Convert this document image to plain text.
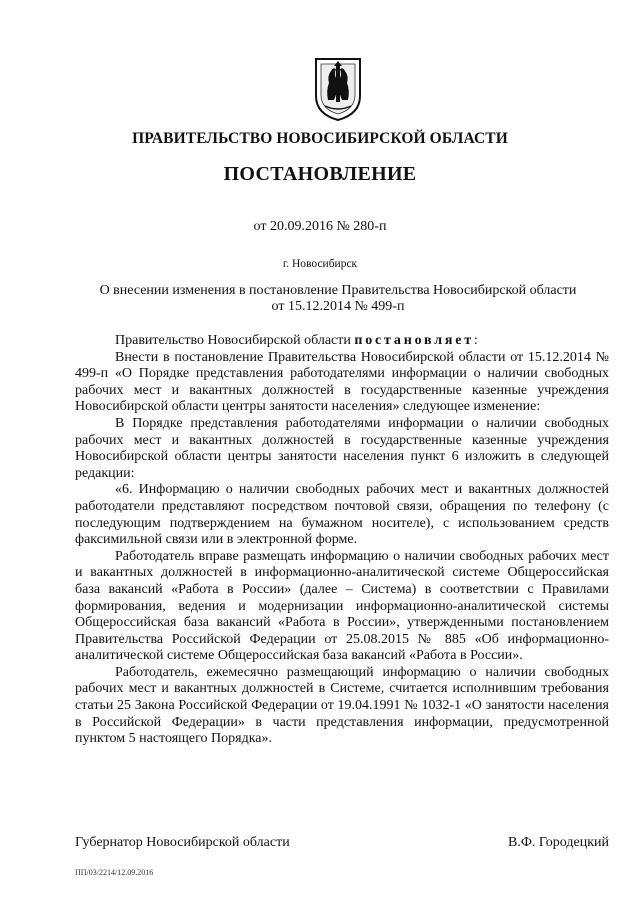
ПРАВИТЕЛЬСТВО НОВОСИБИРСКОЙ ОБЛАСТИ
ПОСТАНОВЛЕНИЕ
от 20.09.2016 № 280-п
г. Новосибирск
О внесении изменения в постановление Правительства Новосибирской области
от 15.12.2014 № 499-п

Правительство Новосибирской области постановляет:

Внести в постановление Правительства Новосибирской области от 15.12.2014 № 499-п «О Порядке представления работодателями информации о наличии свободных рабочих мест и вакантных должностей в государственные казенные учреждения Новосибирской области центры занятости населения» следующее изменение:

В Порядке представления работодателями информации о наличии свободных рабочих мест и вакантных должностей в государственные казенные учреждения Новосибирской области центры занятости населения пункт 6 изложить в следующей редакции:

«6. Информацию о наличии свободных рабочих мест и вакантных должностей работодатели представляют посредством почтовой связи, обращения по телефону (с последующим подтверждением на бумажном носителе), с использованием средств факсимильной связи или в электронной форме.

Работодатель вправе размещать информацию о наличии свободных рабочих мест и вакантных должностей в информационно-аналитической системе Общероссийская база вакансий «Работа в России» (далее – Система) в соответствии с Правилами формирования, ведения и модернизации информационно-аналитической системы Общероссийская база вакансий «Работа в России», утвержденными постановлением Правительства Российской Федерации от 25.08.2015 № 885 «Об информационно-аналитической системе Общероссийская база вакансий «Работа в России».

Работодатель, ежемесячно размещающий информацию о наличии свободных рабочих мест и вакантных должностей в Системе, считается исполнившим требования статьи 25 Закона Российской Федерации от 19.04.1991 № 1032-1 «О занятости населения в Российской Федерации» в части представления информации, предусмотренной пунктом 5 настоящего Порядка».

Губернатор Новосибирской области	В.Ф. Городецкий
ПП/03/2214/12.09.2016
